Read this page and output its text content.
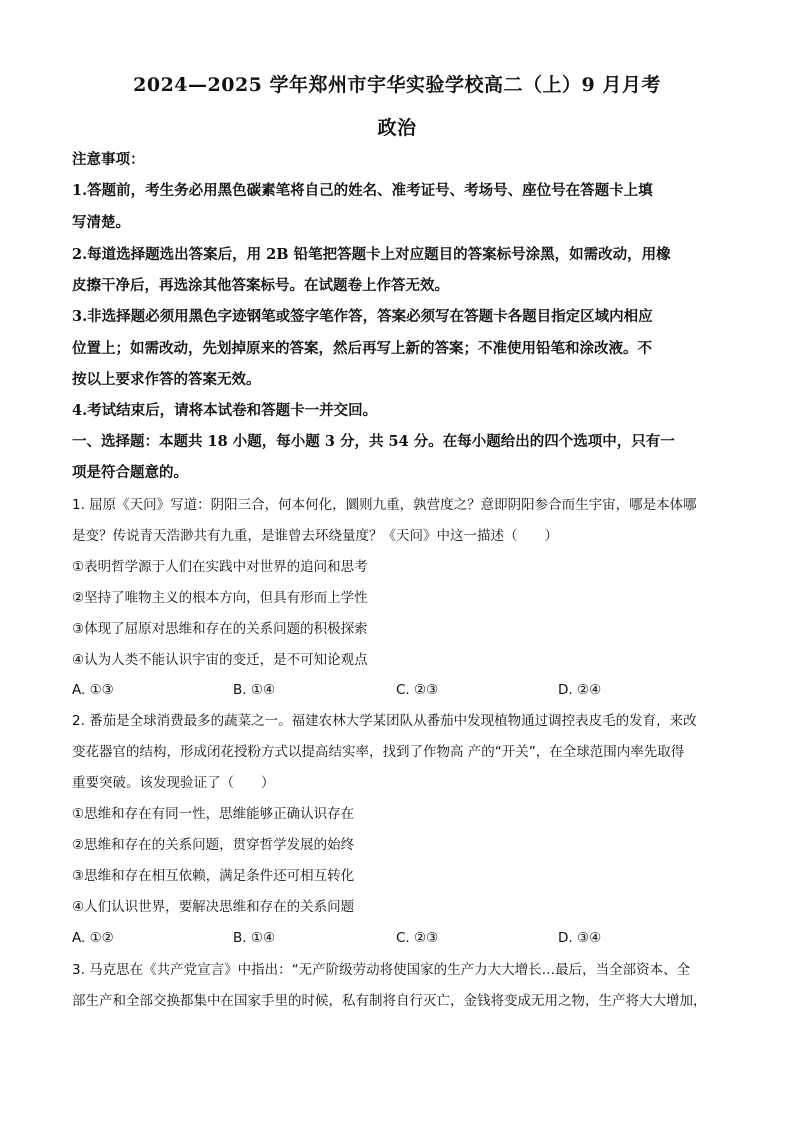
2024—2025 学年郑州市宇华实验学校高二（上）9 月月考
政治
注意事项：
1.答题前，考生务必用黑色碳素笔将自己的姓名、准考证号、考场号、座位号在答题卡上填
写清楚。
2.每道选择题选出答案后，用 2B 铅笔把答题卡上对应题目的答案标号涂黑，如需改动，用橡
皮擦干净后，再选涂其他答案标号。在试题卷上作答无效。
3.非选择题必须用黑色字迹钢笔或签字笔作答，答案必须写在答题卡各题目指定区域内相应
位置上；如需改动，先划掉原来的答案，然后再写上新的答案；不准使用铅笔和涂改液。不
按以上要求作答的答案无效。
4.考试结束后，请将本试卷和答题卡一并交回。
一、选择题：本题共 18 小题，每小题 3 分，共 54 分。在每小题给出的四个选项中，只有一
项是符合题意的。
1. 屈原《天问》写道：阴阳三合，何本何化，圜则九重，孰营度之？意即阴阳参合而生宇宙，哪是本体哪
是变？传说青天浩渺共有九重，是谁曾去环绕量度？《天问》中这一描述（　　）
①表明哲学源于人们在实践中对世界的追问和思考
②坚持了唯物主义的根本方向，但具有形而上学性
③体现了屈原对思维和存在的关系问题的积极探索
④认为人类不能认识宇宙的变迁，是不可知论观点
A. ①③	B. ①④	C. ②③	D. ②④
2. 番茄是全球消费最多的蔬菜之一。福建农林大学某团队从番茄中发现植物通过调控表皮毛的发育，来改
变花器官的结构，形成闭花授粉方式以提高结实率，找到了作物高 产的“开关”，在全球范围内率先取得
重要突破。该发现验证了（　　）
①思维和存在有同一性，思维能够正确认识存在
②思维和存在的关系问题，贯穿哲学发展的始终
③思维和存在相互依赖，满足条件还可相互转化
④人们认识世界，要解决思维和存在的关系问题
A. ①②	B. ①④	C. ②③	D. ③④
3. 马克思在《共产党宣言》中指出：“无产阶级劳动将使国家的生产力大大增长…最后，当全部资本、全
部生产和全部交换都集中在国家手里的时候，私有制将自行灭亡，金钱将变成无用之物，生产将大大增加，
